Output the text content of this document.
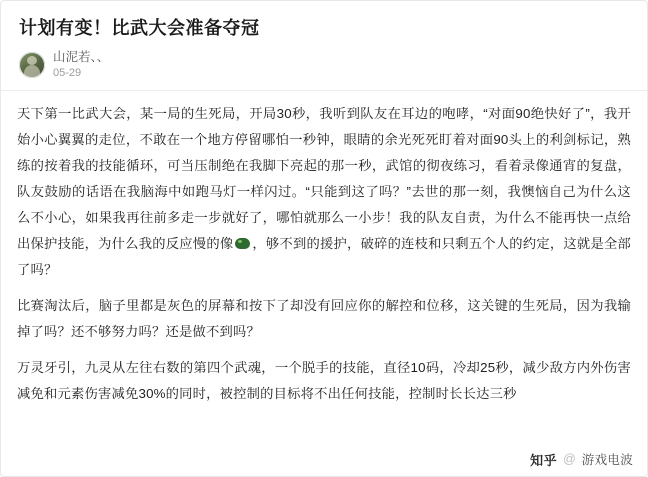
计划有变！比武大会准备夺冠
山泥若、、
05-29

天下第一比武大会，某一局的生死局，开局30秒，我听到队友在耳边的咆哮，“对面90绝快好了”，我开始小心翼翼的走位，不敢在一个地方停留哪怕一秒钟，眼睛的余光死死盯着对面90头上的利剑标记，熟练的按着我的技能循环，可当压制绝在我脚下亮起的那一秒，武馆的彻夜练习，看着录像通宵的复盘，队友鼓励的话语在我脑海中如跑马灯一样闪过。“只能到这了吗？”去世的那一刻，我懊恼自己为什么这么不小心，如果我再往前多走一步就好了，哪怕就那么一小步！我的队友自责，为什么不能再快一点给出保护技能，为什么我的反应慢的像 ，够不到的援护，破碎的连枝和只剩五个人的约定，这就是全部了吗？

比赛淘汰后，脑子里都是灰色的屏幕和按下了却没有回应你的解控和位移，这关键的生死局，因为我输掉了吗？还不够努力吗？还是做不到吗？

万灵牙引，九灵从左往右数的第四个武魂，一个脱手的技能，直径10码，冷却25秒，减少敌方内外伤害减免和元素伤害减免30%的同时，被控制的目标将不出任何技能，控制时长长达三秒

知乎 @ 游戏电波
